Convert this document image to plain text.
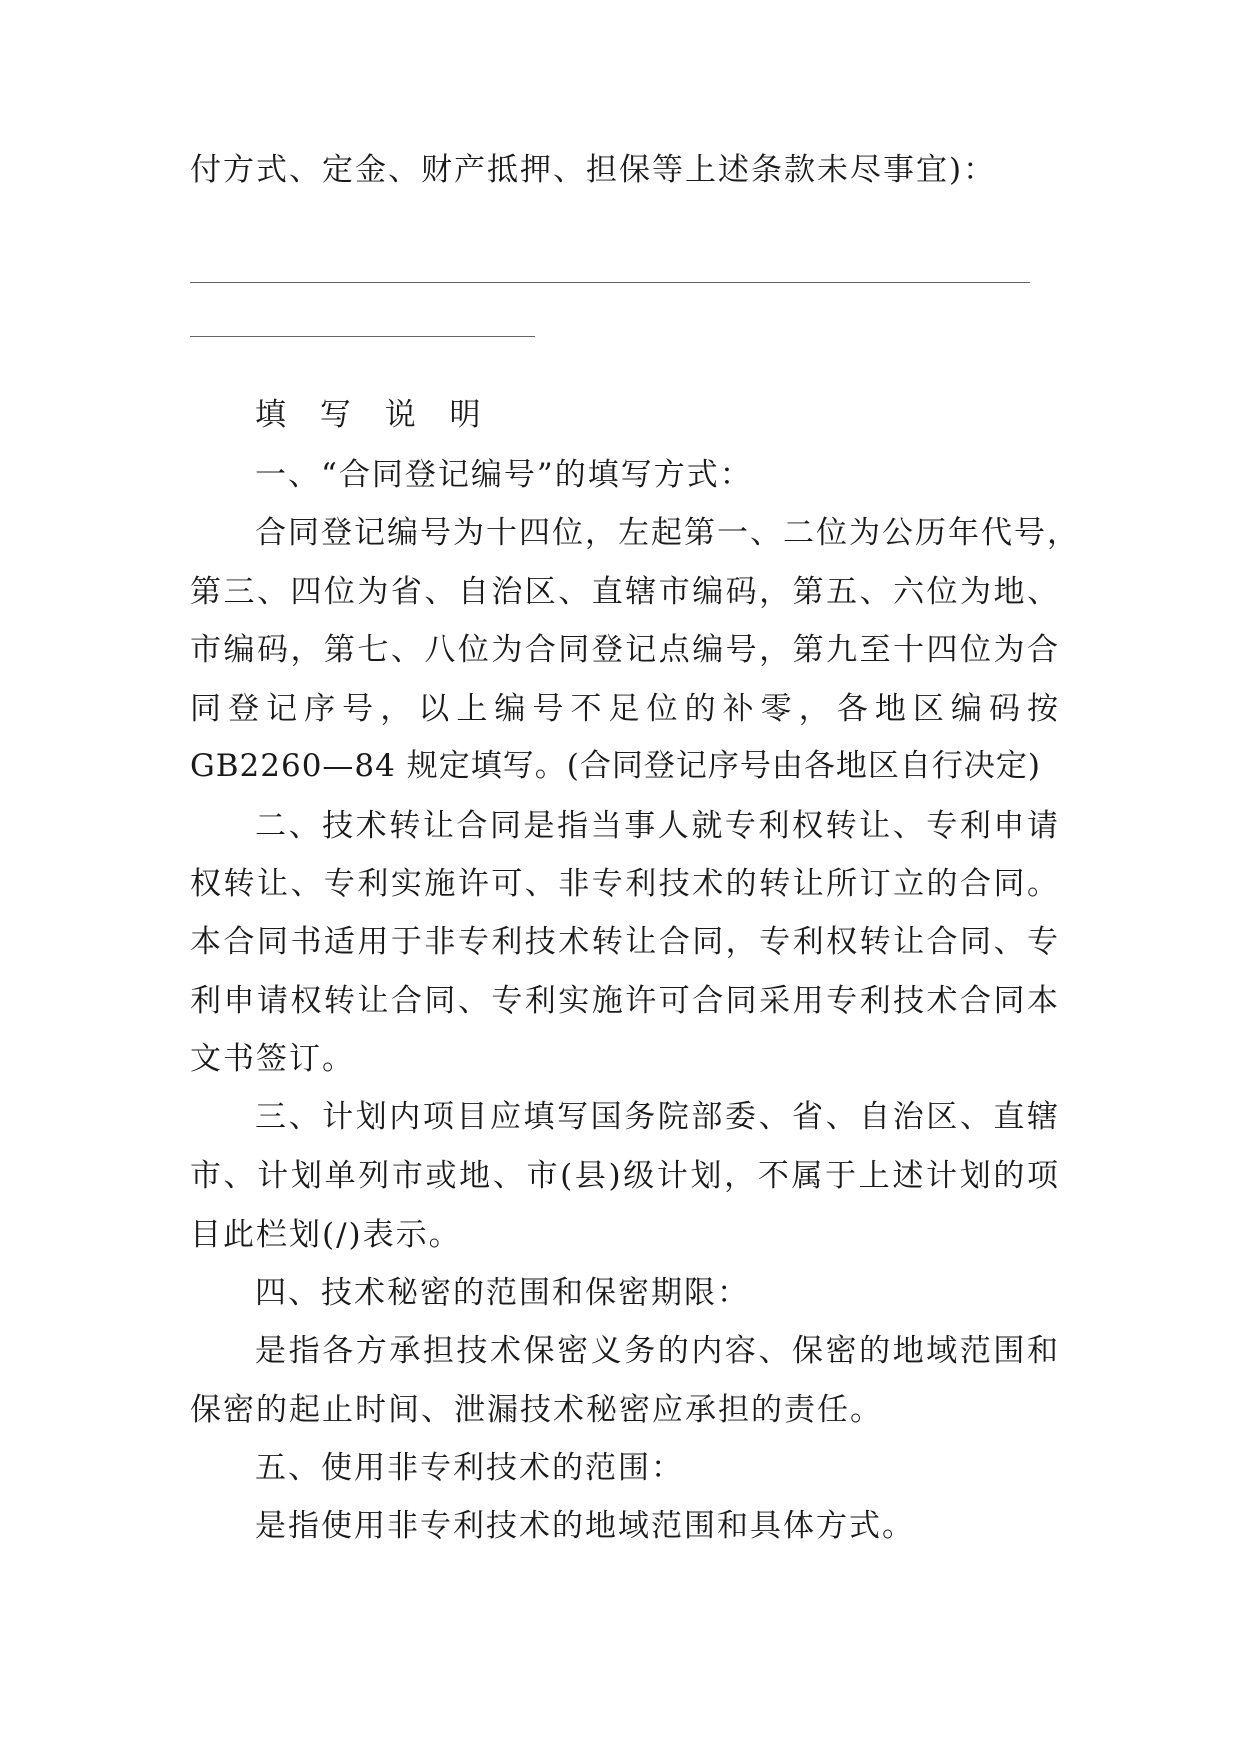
付方式、定金、财产抵押、担保等上述条款未尽事宜)：
填 写 说 明
一、“合同登记编号”的填写方式：
合同登记编号为十四位，左起第一、二位为公历年代号，
第三、四位为省、自治区、直辖市编码，第五、六位为地、
市编码，第七、八位为合同登记点编号，第九至十四位为合
同登记序号，以上编号不足位的补零，各地区编码按
GB2260—84 规定填写。(合同登记序号由各地区自行决定)
二、技术转让合同是指当事人就专利权转让、专利申请
权转让、专利实施许可、非专利技术的转让所订立的合同。
本合同书适用于非专利技术转让合同，专利权转让合同、专
利申请权转让合同、专利实施许可合同采用专利技术合同本
文书签订。
三、计划内项目应填写国务院部委、省、自治区、直辖
市、计划单列市或地、市(县)级计划，不属于上述计划的项
目此栏划(/)表示。
四、技术秘密的范围和保密期限：
是指各方承担技术保密义务的内容、保密的地域范围和
保密的起止时间、泄漏技术秘密应承担的责任。
五、使用非专利技术的范围：
是指使用非专利技术的地域范围和具体方式。
